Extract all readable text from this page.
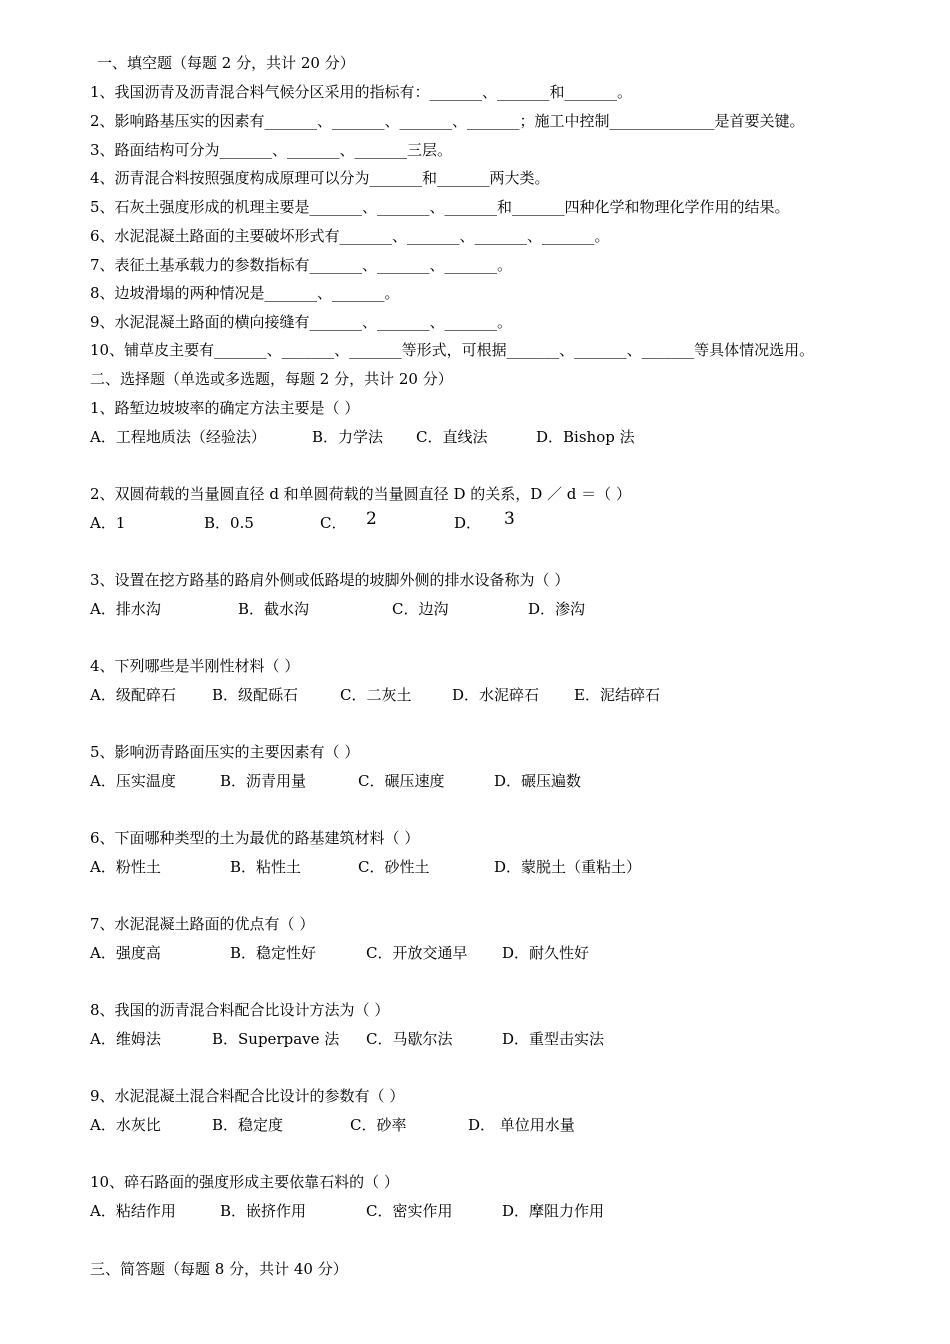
一、填空题（每题 2 分，共计 20 分）
1、我国沥青及沥青混合料气候分区采用的指标有：_______、_______和_______。
2、影响路基压实的因素有_______、_______、_______、_______；施工中控制______________是首要关键。
3、路面结构可分为_______、_______、_______三层。
4、沥青混合料按照强度构成原理可以分为_______和_______两大类。
5、石灰土强度形成的机理主要是_______、_______、_______和_______四种化学和物理化学作用的结果。
6、水泥混凝土路面的主要破坏形式有_______、_______、_______、_______。
7、表征土基承载力的参数指标有_______、_______、_______。
8、边坡滑塌的两种情况是_______、_______。
9、水泥混凝土路面的横向接缝有_______、_______、_______。
10、铺草皮主要有_______、_______、_______等形式，可根据_______、_______、_______等具体情况选用。
二、选择题（单选或多选题，每题 2 分，共计 20 分）
1、路堑边坡坡率的确定方法主要是（ ）
A．工程地质法（经验法）	B．力学法 C．直线法	D．Bishop 法
2、双圆荷载的当量圆直径 d 和单圆荷载的当量圆直径 D 的关系，D ／ d ＝（ ）
A．1	B．0.5	C． 2	D． 3
3、设置在挖方路基的路肩外侧或低路堤的坡脚外侧的排水设备称为（ ）
A．排水沟	B．截水沟	C．边沟	D．渗沟
4、下列哪些是半刚性材料（ ）
A．级配碎石 B．级配砾石	C．二灰土	D．水泥碎石 E．泥结碎石
5、影响沥青路面压实的主要因素有（ ）
A．压实温度	B．沥青用量	C．碾压速度	D．碾压遍数
6、下面哪种类型的土为最优的路基建筑材料（ ）
A．粉性土	B．粘性土	C．砂性土	D．蒙脱土（重粘土）
7、水泥混凝土路面的优点有（ ）
A．强度高	B．稳定性好	C．开放交通早 D．耐久性好
8、我国的沥青混合料配合比设计方法为（ ）
A．维姆法	B．Superpave 法 C．马歇尔法	D．重型击实法
9、水泥混凝土混合料配合比设计的参数有（ ）
A．水灰比	B．稳定度	C．砂率	D． 单位用水量
10、碎石路面的强度形成主要依靠石料的（ ）
A．粘结作用	B．嵌挤作用	C．密实作用	D．摩阻力作用
三、简答题（每题 8 分，共计 40 分）
